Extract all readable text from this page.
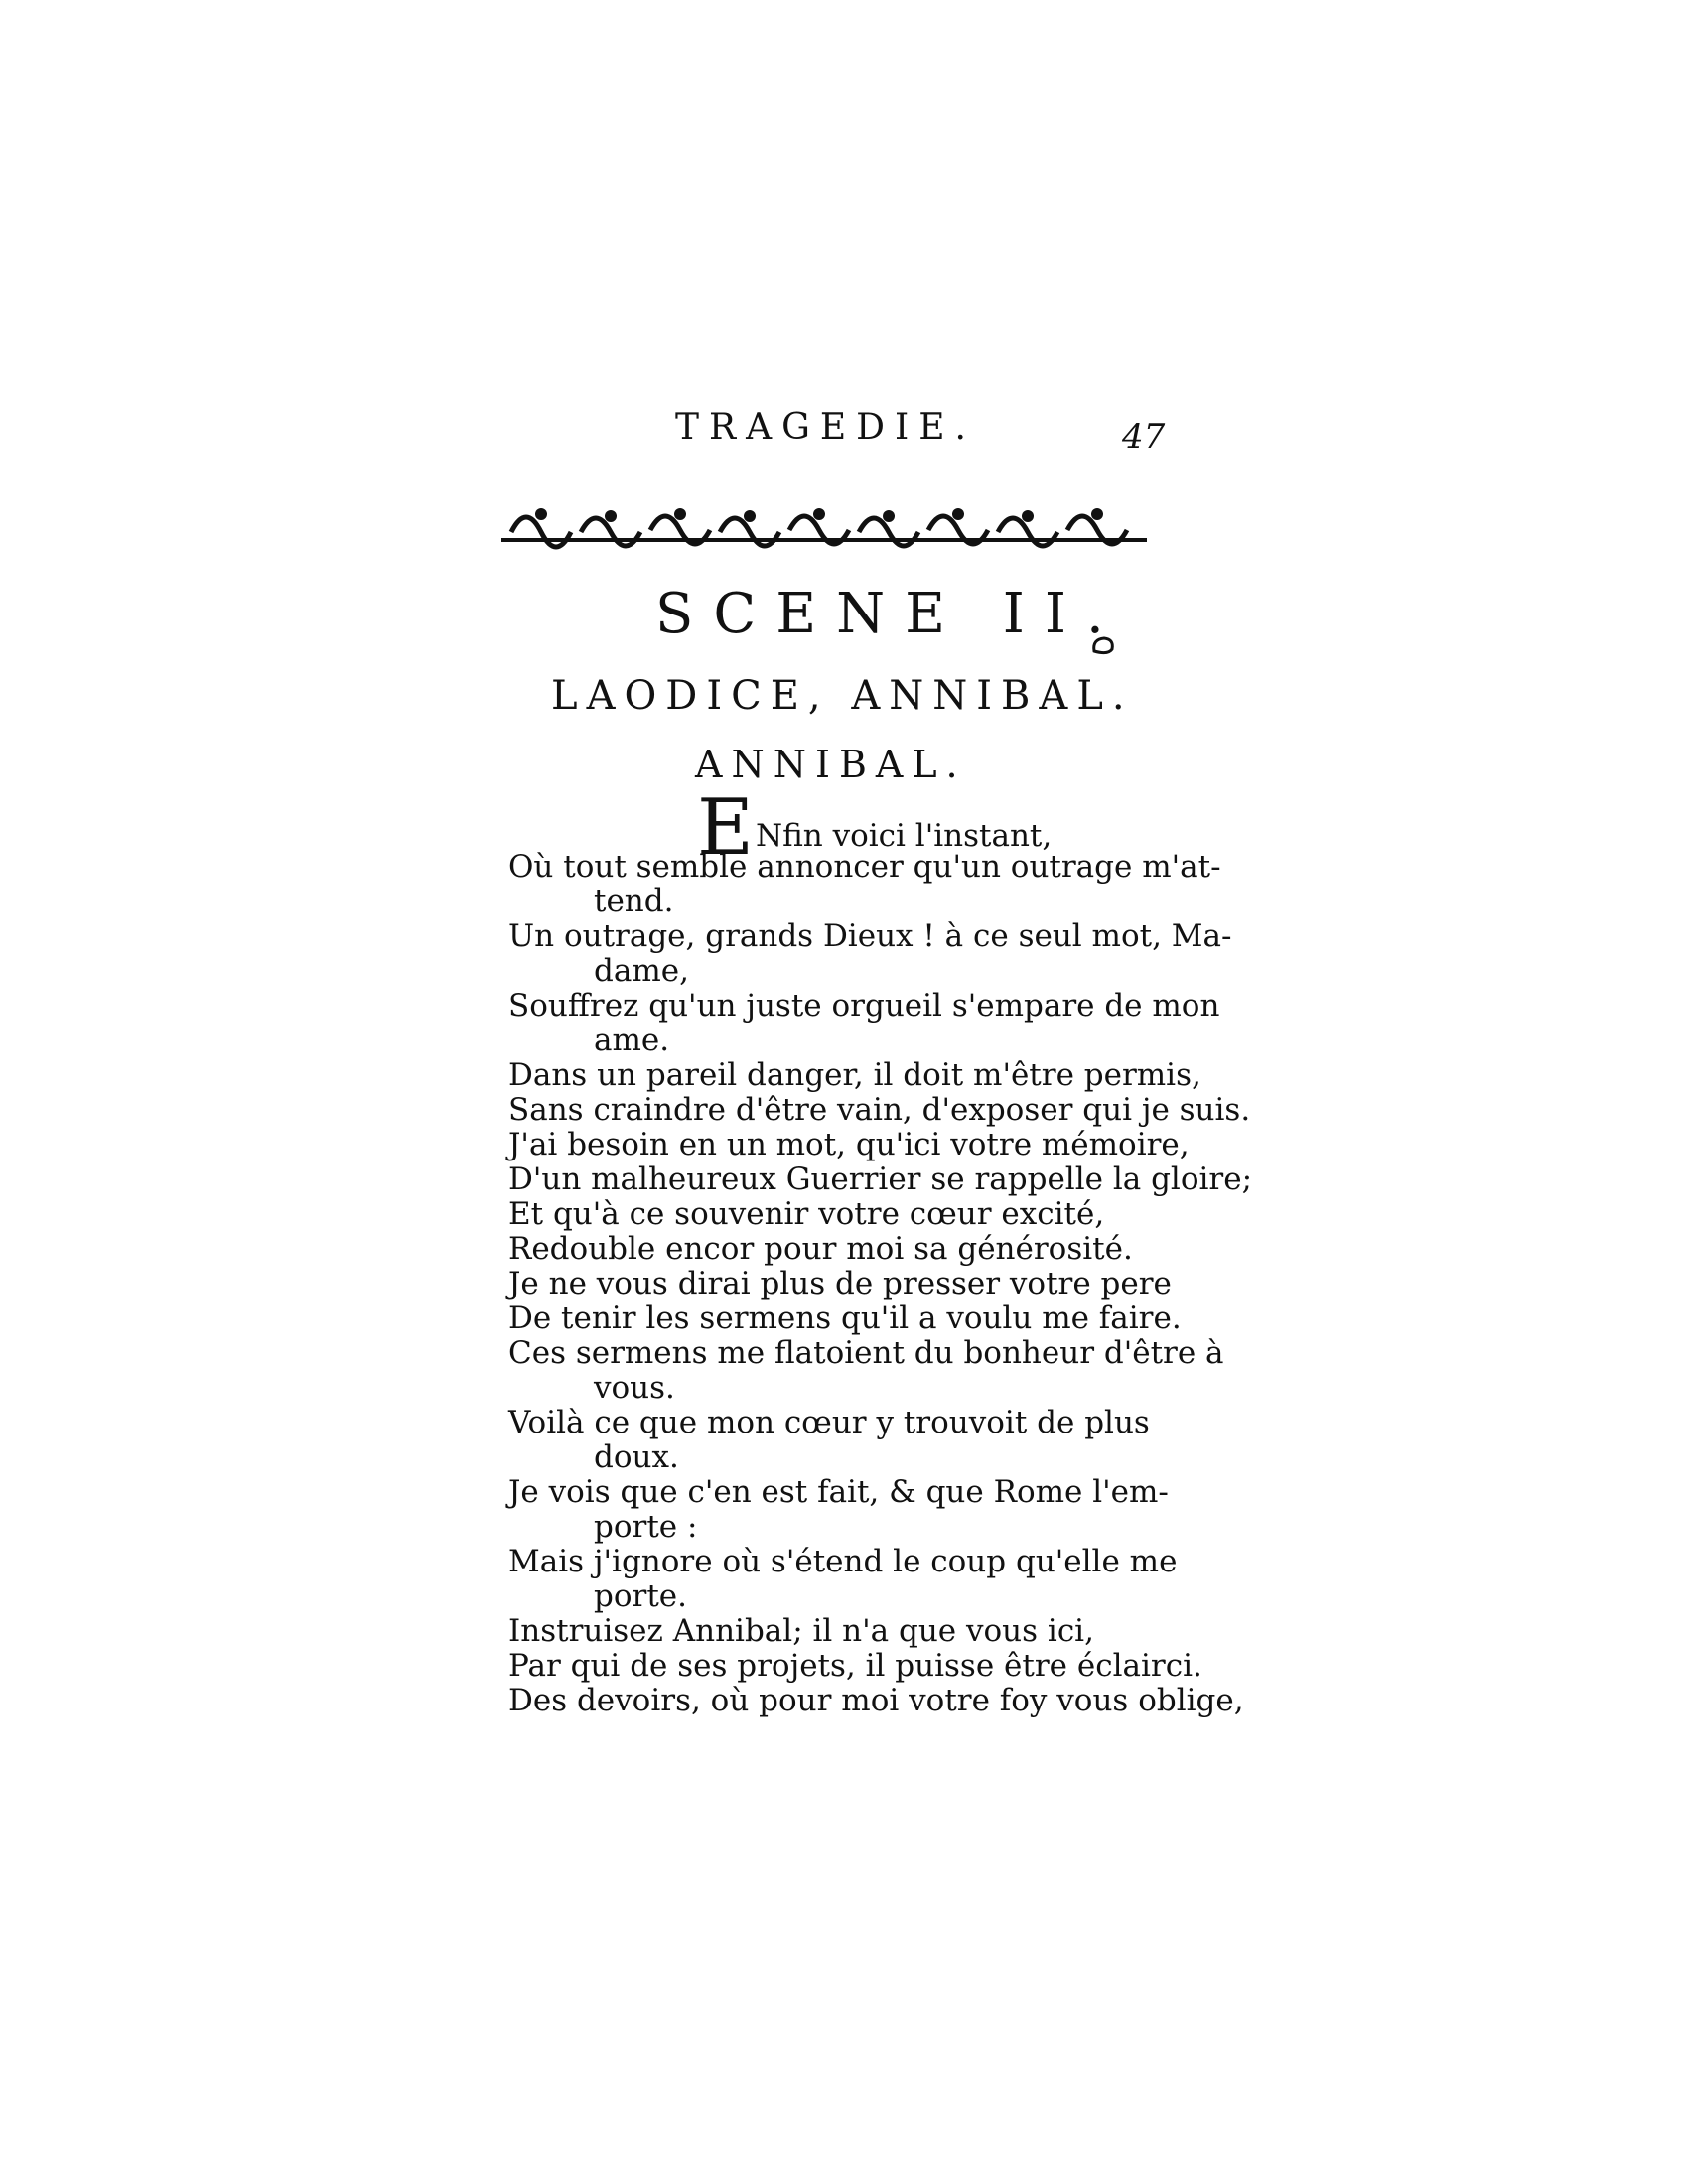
TRAGEDIE.	47
SCENE II.
LAODICE, ANNIBAL.
ANNIBAL.
ENfin voici l'instant,
Où tout semble annoncer qu'un outrage m'at-
tend.
Un outrage, grands Dieux ! à ce seul mot, Ma-
dame,
Souffrez qu'un juste orgueil s'empare de mon
ame.
Dans un pareil danger, il doit m'être permis,
Sans craindre d'être vain, d'exposer qui je suis.
J'ai besoin en un mot, qu'ici votre mémoire,
D'un malheureux Guerrier se rappelle la gloire;
Et qu'à ce souvenir votre cœur excité,
Redouble encor pour moi sa générosité.
Je ne vous dirai plus de presser votre pere
De tenir les sermens qu'il a voulu me faire.
Ces sermens me flatoient du bonheur d'être à
vous.
Voilà ce que mon cœur y trouvoit de plus
doux.
Je vois que c'en est fait, & que Rome l'em-
porte :
Mais j'ignore où s'étend le coup qu'elle me
porte.
Instruisez Annibal; il n'a que vous ici,
Par qui de ses projets, il puisse être éclairci.
Des devoirs, où pour moi votre foy vous oblige,
